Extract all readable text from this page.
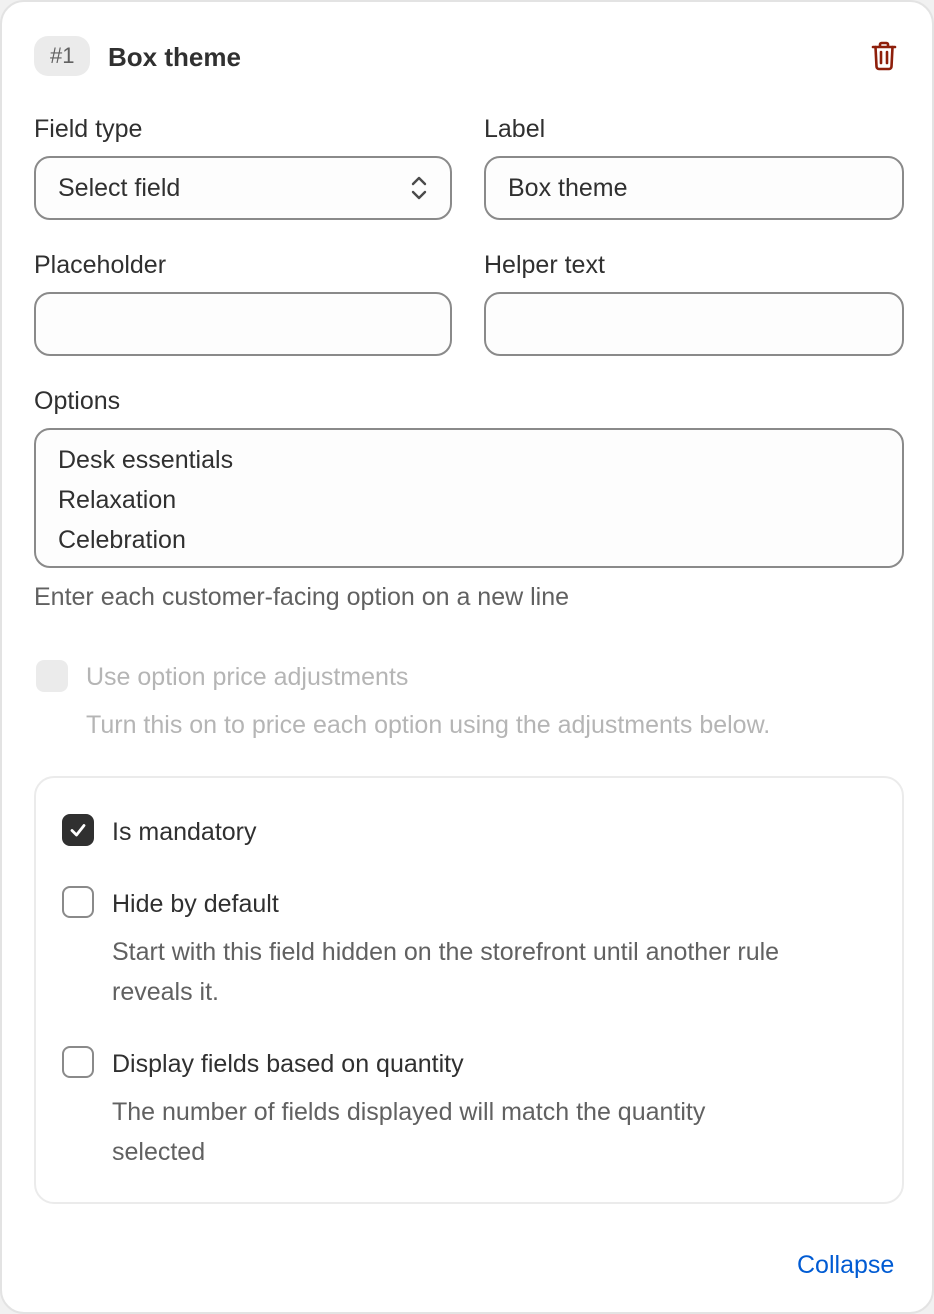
#1	Box theme
Field type
Select field
Label
Box theme
Placeholder	Helper text
Options
Desk essentials
Relaxation
Celebration
Enter each customer-facing option on a new line
Use option price adjustments
Turn this on to price each option using the adjustments below.
Is mandatory
Hide by default
Start with this field hidden on the storefront until another rule
reveals it.
Display fields based on quantity
The number of fields displayed will match the quantity
selected
Collapse
